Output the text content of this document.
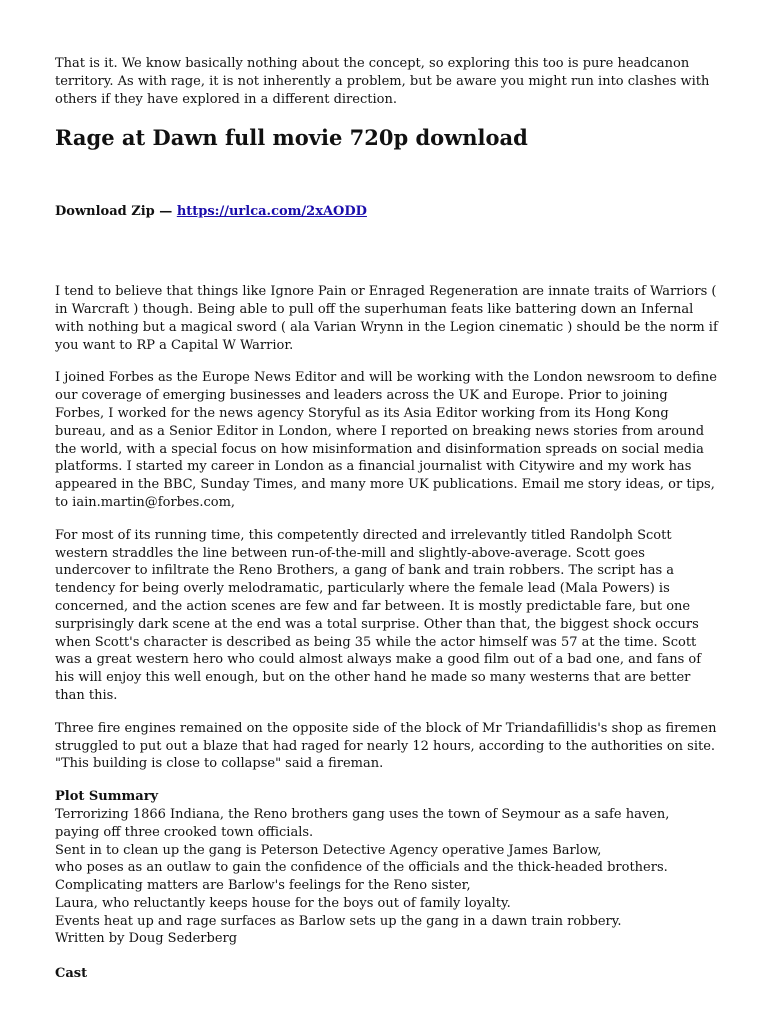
That is it. We know basically nothing about the concept, so exploring this too is pure headcanon territory. As with rage, it is not inherently a problem, but be aware you might run into clashes with others if they have explored in a different direction.

Rage at Dawn full movie 720p download

Download Zip — https://urlca.com/2xAODD

I tend to believe that things like Ignore Pain or Enraged Regeneration are innate traits of Warriors ( in Warcraft ) though. Being able to pull off the superhuman feats like battering down an Infernal with nothing but a magical sword ( ala Varian Wrynn in the Legion cinematic ) should be the norm if you want to RP a Capital W Warrior.

I joined Forbes as the Europe News Editor and will be working with the London newsroom to define our coverage of emerging businesses and leaders across the UK and Europe. Prior to joining Forbes, I worked for the news agency Storyful as its Asia Editor working from its Hong Kong bureau, and as a Senior Editor in London, where I reported on breaking news stories from around the world, with a special focus on how misinformation and disinformation spreads on social media platforms. I started my career in London as a financial journalist with Citywire and my work has appeared in the BBC, Sunday Times, and many more UK publications. Email me story ideas, or tips, to iain.martin@forbes.com,

For most of its running time, this competently directed and irrelevantly titled Randolph Scott western straddles the line between run-of-the-mill and slightly-above-average. Scott goes undercover to infiltrate the Reno Brothers, a gang of bank and train robbers. The script has a tendency for being overly melodramatic, particularly where the female lead (Mala Powers) is concerned, and the action scenes are few and far between. It is mostly predictable fare, but one surprisingly dark scene at the end was a total surprise. Other than that, the biggest shock occurs when Scott's character is described as being 35 while the actor himself was 57 at the time. Scott was a great western hero who could almost always make a good film out of a bad one, and fans of his will enjoy this well enough, but on the other hand he made so many westerns that are better than this.

Three fire engines remained on the opposite side of the block of Mr Triandafillidis's shop as firemen struggled to put out a blaze that had raged for nearly 12 hours, according to the authorities on site. "This building is close to collapse" said a fireman.

Plot Summary
Terrorizing 1866 Indiana, the Reno brothers gang uses the town of Seymour as a safe haven,
paying off three crooked town officials.
Sent in to clean up the gang is Peterson Detective Agency operative James Barlow,
who poses as an outlaw to gain the confidence of the officials and the thick-headed brothers.
Complicating matters are Barlow's feelings for the Reno sister,
Laura, who reluctantly keeps house for the boys out of family loyalty.
Events heat up and rage surfaces as Barlow sets up the gang in a dawn train robbery.
Written by Doug Sederberg

Cast
